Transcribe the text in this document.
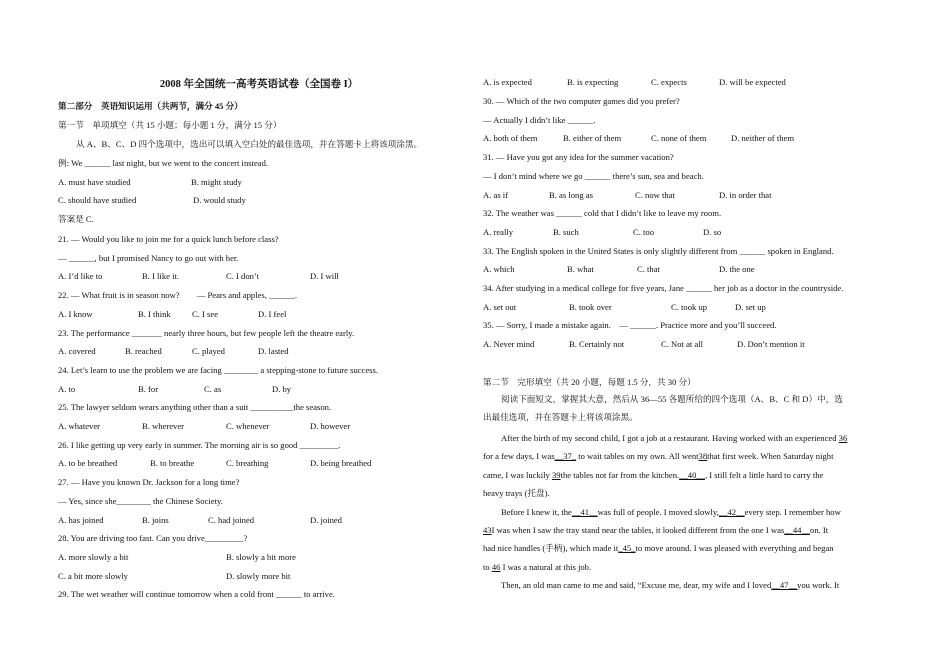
2008 年全国统一高考英语试卷（全国卷 I）
第二部分　英语知识运用（共两节，满分 45 分）
第一节　单项填空（共 15 小题；每小题 1 分，满分 15 分）
从 A、B、C、D 四个选项中，选出可以填入空白处的最佳选项，并在答题卡上将该项涂黑。
例: We ______ last night, but we went to the concert instead.
A. must have studied	B. might study
C. should have studied	D. would study
答案是 C.
21. — Would you like to join me for a quick lunch before class?
— ______, but I promised Nancy to go out with her.
A. I’d like to	B. I like it.	C. I don’t	D. I will
22. — What fruit is in season now?　　— Pears and apples, ______.
A. I know	B. I think C. I see	D. I feel
23. The performance _______ nearly three hours, but few people left the theatre early.
A. covered	B. reached	C. played	D. lasted
24. Let’s learn to use the problem we are facing ________ a stepping-stone to future success.
A. to	B. for	C. as	D. by
25. The lawyer seldom wears anything other than a suit __________the season.
A. whatever	B. wherever	C. whenever	D. however
26. I like getting up very early in summer. The morning air is so good _________.
A. to be breathed	B. to breathe	C. breathing	D. being breathed
27. — Have you known Dr. Jackson for a long time?
— Yes, since she________ the Chinese Society.
A. has joined	B. joins	C. had joined	D. joined
28. You are driving too fast. Can you drive_________?
A. more slowly a bit	B. slowly a bit more
C. a bit more slowly	D. slowly more bit
29. The wet weather will continue tomorrow when a cold front ______ to arrive.
A. is expected	B. is expecting	C. expects	D. will be expected
30. — Which of the two computer games did you prefer?
— Actually I didn’t like ______.
A. both of them	B. either of them	C. none of them	D. neither of them
31. — Have you got any idea for the summer vacation?
— I don’t mind where we go ______ there’s sun, sea and beach.
A. as if	B. as long as	C. now that	D. in order that
32. The weather was ______ cold that I didn’t like to leave my room.
A. really	B. such	C. too	D. so
33. The English spoken in the United States is only slightly different from ______ spoken in England.
A. which	B. what	C. that	D. the one
34. After studying in a medical college for five years, Jane ______ her job as a doctor in the countryside.
A. set out	B. took over	C. took up	D. set up
35. — Sorry, I made a mistake again.　— ______. Practice more and you’ll succeed.
A. Never mind	B. Certainly not	C. Not at all	D. Don’t mention it
第二节　完形填空（共 20 小题，每题 1.5 分，共 30 分）
阅读下面短文，掌握其大意，然后从 36—55 各题所给的四个选项（A、B、C 和 D）中，选
出最佳选项，并在答题卡上将该项涂黑。
After the birth of my second child, I got a job at a restaurant. Having worked with an experienced 36
for a few days, I was__37_ to wait tables on my own. All went38that first week. When Saturday night
came, I was luckily 39the tables not far from the kitchen.__40__, I still felt a little hard to carry the
heavy trays (托盘).
Before I knew it, the__41__was full of people. I moved slowly,__42__every step. I remember how
43I was when I saw the tray stand near the tables, it looked different from the one I was__44__on. It
had nice handles (手柄), which made it_45_to move around. I was pleased with everything and began
to 46 I was a natural at this job.
Then, an old man came to me and said, “Excuse me, dear, my wife and I loved__47__you work. It
